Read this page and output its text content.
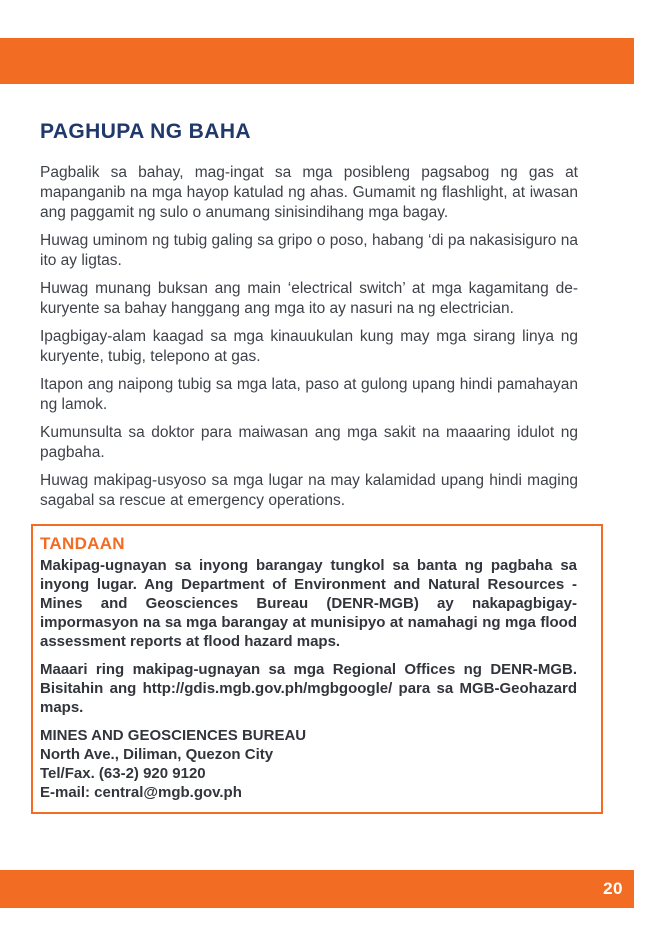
PAGHUPA NG BAHA

Pagbalik sa bahay, mag-ingat sa mga posibleng pagsabog ng gas at mapanganib na mga hayop katulad ng ahas. Gumamit ng flashlight, at iwasan ang paggamit ng sulo o anumang sinisindihang mga bagay.

Huwag uminom ng tubig galing sa gripo o poso, habang ‘di pa nakasisiguro na ito ay ligtas.

Huwag munang buksan ang main ‘electrical switch’ at mga kagamitang de-kuryente sa bahay hanggang ang mga ito ay nasuri na ng electrician.

Ipagbigay-alam kaagad sa mga kinauukulan kung may mga sirang linya ng kuryente, tubig, telepono at gas.

Itapon ang naipong tubig sa mga lata, paso at gulong upang hindi pamahayan ng lamok.

Kumunsulta sa doktor para maiwasan ang mga sakit na maaaring idulot ng pagbaha.

Huwag makipag-usyoso sa mga lugar na may kalamidad upang hindi maging sagabal sa rescue at emergency operations.

TANDAAN

Makipag-ugnayan sa inyong barangay tungkol sa banta ng pagbaha sa inyong lugar. Ang Department of Environment and Natural Resources - Mines and Geosciences Bureau (DENR-MGB) ay nakapagbigay-impormasyon na sa mga barangay at munisipyo at namahagi ng mga flood assessment reports at flood hazard maps.

Maaari ring makipag-ugnayan sa mga Regional Offices ng DENR-MGB. Bisitahin ang http://gdis.mgb.gov.ph/mgbgoogle/ para sa MGB-Geohazard maps.

MINES AND GEOSCIENCES BUREAU
North Ave., Diliman, Quezon City
Tel/Fax. (63-2) 920 9120
E-mail: central@mgb.gov.ph
20
